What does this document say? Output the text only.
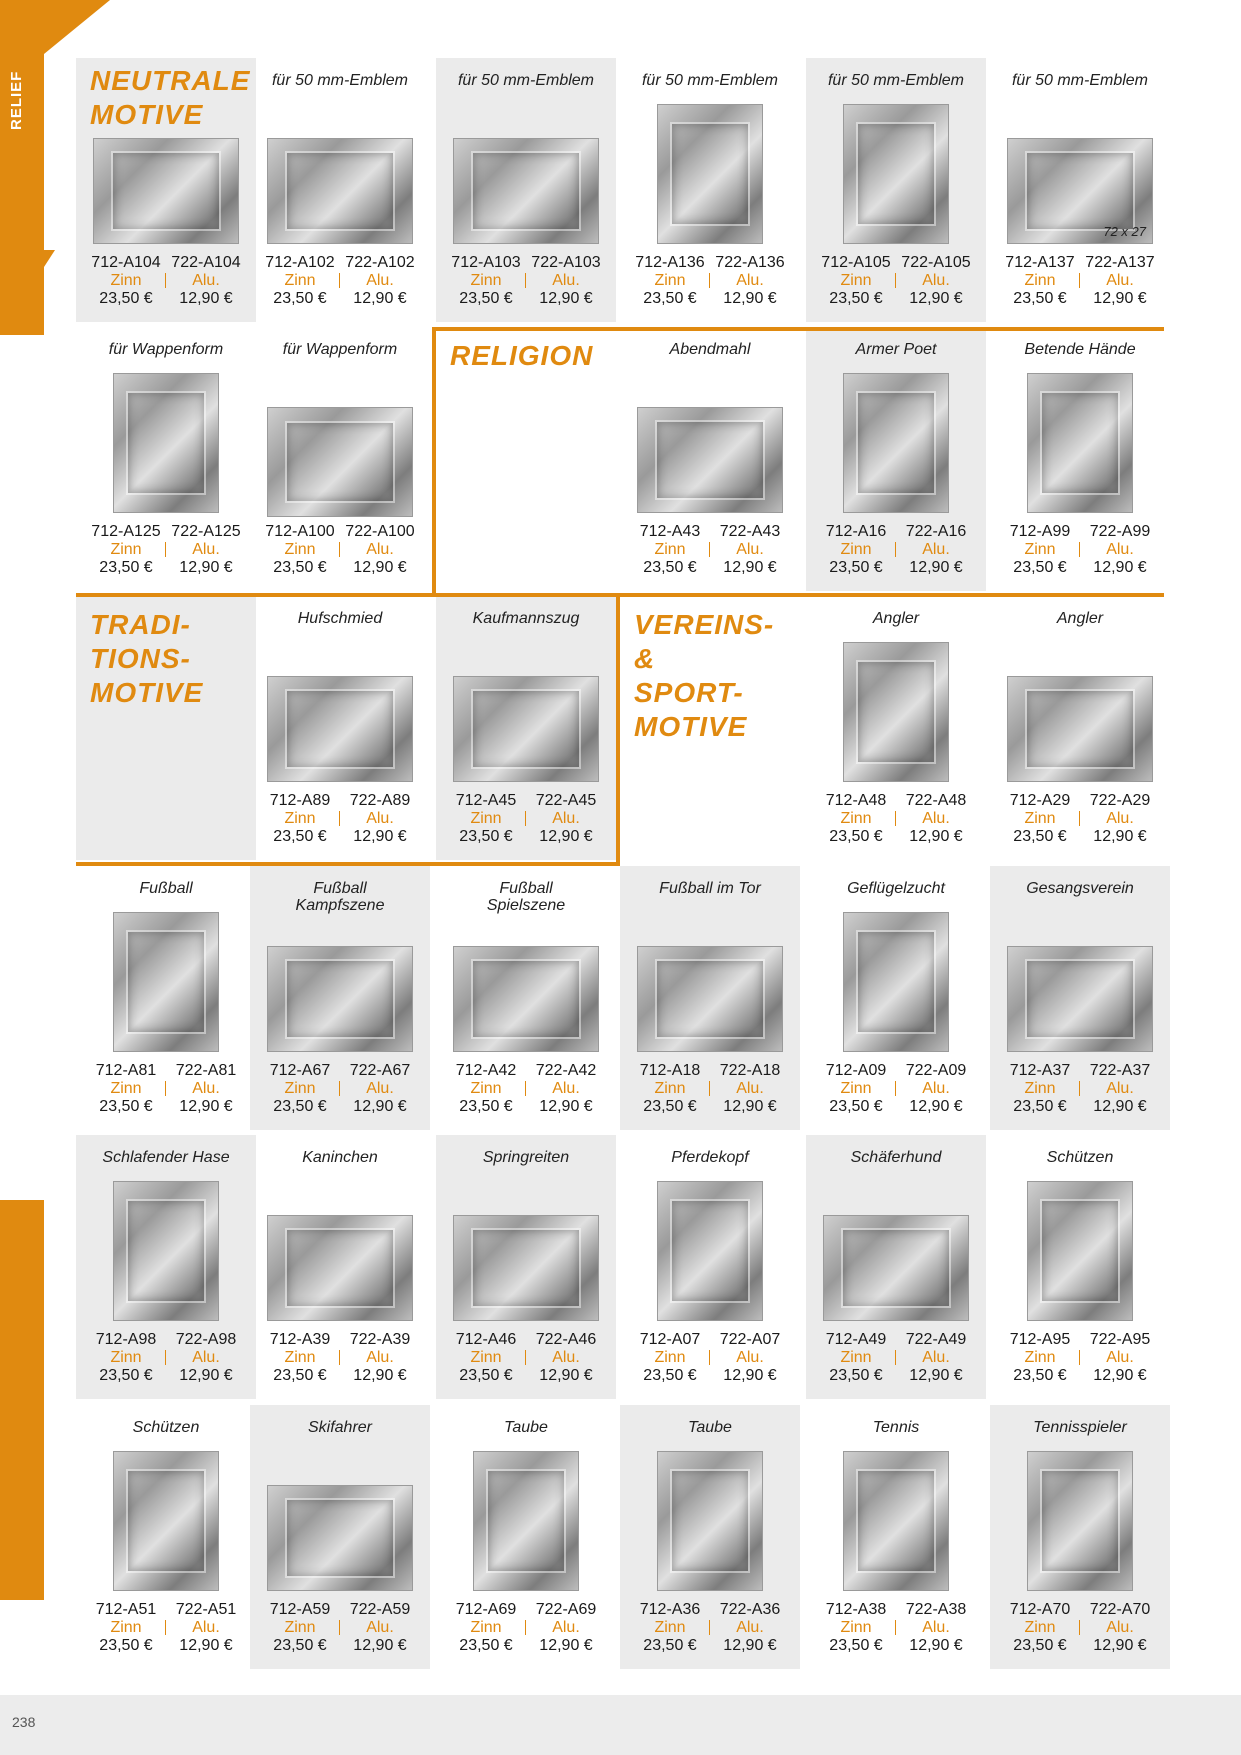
RELIEF
712-A104 722-A104
Zinn	Alu.
23,50 €	12,90 €
für 50 mm-Emblem
712-A102 722-A102
Zinn	Alu.
23,50 €	12,90 €
für 50 mm-Emblem
712-A103 722-A103
Zinn	Alu.
23,50 €	12,90 €
für 50 mm-Emblem
712-A136 722-A136
Zinn	Alu.
23,50 €	12,90 €
für 50 mm-Emblem
712-A105 722-A105
Zinn	Alu.
23,50 €	12,90 €
für 50 mm-Emblem
72 x 27
712-A137 722-A137
Zinn	Alu.
23,50 €	12,90 €
für Wappenform
712-A125 722-A125
Zinn	Alu.
23,50 €	12,90 €
für Wappenform
712-A100 722-A100
Zinn	Alu.
23,50 €	12,90 €
Abendmahl
712-A43	722-A43
Zinn	Alu.
23,50 €	12,90 €
Armer Poet
712-A16	722-A16
Zinn	Alu.
23,50 €	12,90 €
Betende Hände
712-A99	722-A99
Zinn	Alu.
23,50 €	12,90 €
Hufschmied
712-A89	722-A89
Zinn	Alu.
23,50 €	12,90 €
Kaufmannszug
712-A45	722-A45
Zinn	Alu.
23,50 €	12,90 €
Angler
712-A48	722-A48
Zinn	Alu.
23,50 €	12,90 €
Angler
712-A29	722-A29
Zinn	Alu.
23,50 €	12,90 €
Fußball
712-A81	722-A81
Zinn	Alu.
23,50 €	12,90 €
Fußball
Kampfszene
712-A67	722-A67
Zinn	Alu.
23,50 €	12,90 €
Fußball
Spielszene
712-A42	722-A42
Zinn	Alu.
23,50 €	12,90 €
Fußball im Tor
712-A18	722-A18
Zinn	Alu.
23,50 €	12,90 €
Geflügelzucht
712-A09	722-A09
Zinn	Alu.
23,50 €	12,90 €
Gesangsverein
712-A37	722-A37
Zinn	Alu.
23,50 €	12,90 €
Schlafender Hase
712-A98	722-A98
Zinn	Alu.
23,50 €	12,90 €
Kaninchen
712-A39	722-A39
Zinn	Alu.
23,50 €	12,90 €
Springreiten
712-A46	722-A46
Zinn	Alu.
23,50 €	12,90 €
Pferdekopf
712-A07	722-A07
Zinn	Alu.
23,50 €	12,90 €
Schäferhund
712-A49	722-A49
Zinn	Alu.
23,50 €	12,90 €
Schützen
712-A95	722-A95
Zinn	Alu.
23,50 €	12,90 €
Schützen
712-A51	722-A51
Zinn	Alu.
23,50 €	12,90 €
Skifahrer
712-A59	722-A59
Zinn	Alu.
23,50 €	12,90 €
Taube
712-A69	722-A69
Zinn	Alu.
23,50 €	12,90 €
Taube
712-A36	722-A36
Zinn	Alu.
23,50 €	12,90 €
Tennis
712-A38	722-A38
Zinn	Alu.
23,50 €	12,90 €
Tennisspieler
712-A70	722-A70
Zinn	Alu.
23,50 €	12,90 €
TRADI-
TIONS-
MOTIVE

RELIGION

VEREINS- &
SPORT-
MOTIVE

NEUTRALE
MOTIVE

238
